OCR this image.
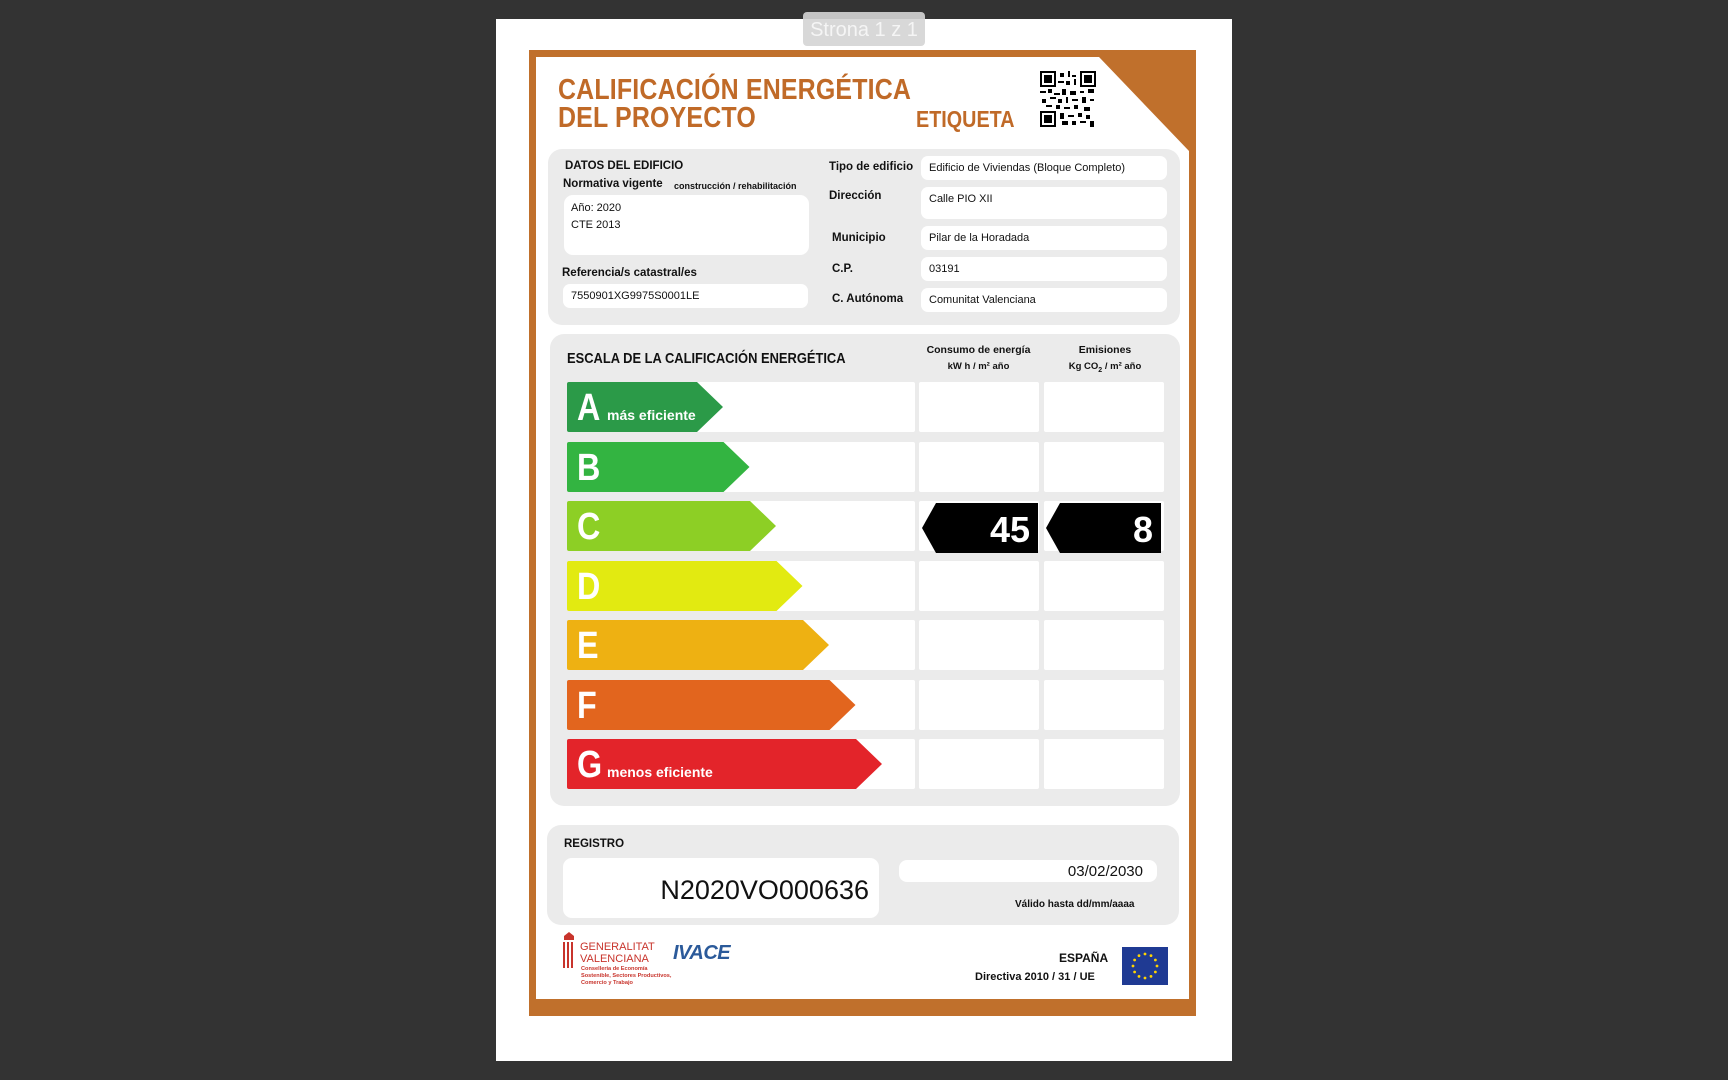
Strona 1 z 1
CALIFICACIÓN ENERGÉTICA
DEL PROYECTO	ETIQUETA
DATOS DEL EDIFICIO
Normativa vigente construcción / rehabilitación
Año: 2020
CTE 2013
Referencia/s catastral/es
7550901XG9975S0001LE
Tipo de edificio	Edificio de Viviendas (Bloque Completo)
Dirección	Calle PIO XII
Municipio	Pilar de la Horadada
C.P.	03191
C. Autónoma	Comunitat Valenciana
ESCALA DE LA CALIFICACIÓN ENERGÉTICA	Consumo de energía
kW h / m² año
Emisiones
Kg $CO_2 / m^2$ año
A más eficiente
B
C	45	8
D
E
F
G menos eficiente
REGISTRO
N2020VO000636
03/02/2030
Válido hasta dd/mm/aaaa
GENERALITAT
VALENCIANA
Conselleria de Economía
Sostenible, Sectores Productivos,
Comercio y Trabajo
IVACE	ESPAÑA
Directiva 2010 / 31 / UE
